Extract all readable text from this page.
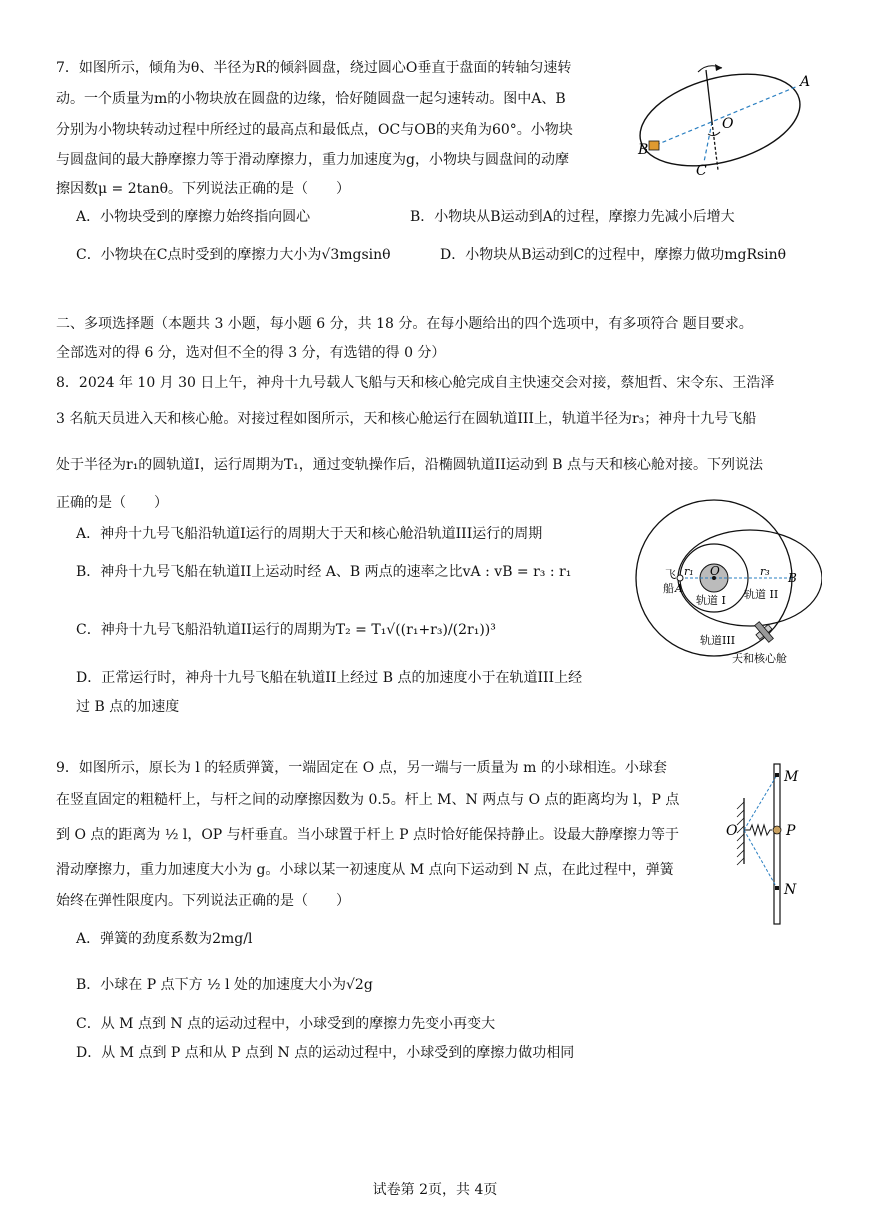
7．如图所示，倾角为θ、半径为R的倾斜圆盘，绕过圆心O垂直于盘面的转轴匀速转
动。一个质量为m的小物块放在圆盘的边缘，恰好随圆盘一起匀速转动。图中A、B
分别为小物块转动过程中所经过的最高点和最低点，OC与OB的夹角为60°。小物块
与圆盘间的最大静摩擦力等于滑动摩擦力，重力加速度为g，小物块与圆盘间的动摩
擦因数μ = 2tanθ。下列说法正确的是（　　）
A．小物块受到的摩擦力始终指向圆心	B．小物块从B运动到A的过程，摩擦力先减小后增大
C．小物块在C点时受到的摩擦力大小为√3mgsinθ	D．小物块从B运动到C的过程中，摩擦力做功mgRsinθ
A
B
C
O
二、多项选择题（本题共 3 小题，每小题 6 分，共 18 分。在每小题给出的四个选项中，有多项符合 题目要求。
全部选对的得 6 分，选对但不全的得 3 分，有选错的得 0 分）
8．2024 年 10 月 30 日上午，神舟十九号载人飞船与天和核心舱完成自主快速交会对接，蔡旭哲、宋令东、王浩泽
3 名航天员进入天和核心舱。对接过程如图所示，天和核心舱运行在圆轨道III上，轨道半径为r₃；神舟十九号飞船
处于半径为r₁的圆轨道I，运行周期为T₁，通过变轨操作后，沿椭圆轨道II运动到 B 点与天和核心舱对接。下列说法
正确的是（　　）
A．神舟十九号飞船沿轨道I运行的周期大于天和核心舱沿轨道III运行的周期
B．神舟十九号飞船在轨道II上运动时经 A、B 两点的速率之比vA : vB = r₃ : r₁
C．神舟十九号飞船沿轨道II运行的周期为T₂ = T₁√((r₁+r₃)/(2r₁))³
D．正常运行时，神舟十九号飞船在轨道II上经过 B 点的加速度小于在轨道III上经
过 B 点的加速度
O
r₁	r₃ B
飞
船 A
轨道 I 轨道 II
轨道III
天和核心舱
9．如图所示，原长为 l 的轻质弹簧，一端固定在 O 点，另一端与一质量为 m 的小球相连。小球套
在竖直固定的粗糙杆上，与杆之间的动摩擦因数为 0.5。杆上 M、N 两点与 O 点的距离均为 l，P 点
到 O 点的距离为 ½ l，OP 与杆垂直。当小球置于杆上 P 点时恰好能保持静止。设最大静摩擦力等于
滑动摩擦力，重力加速度大小为 g。小球以某一初速度从 M 点向下运动到 N 点，在此过程中，弹簧
始终在弹性限度内。下列说法正确的是（　　）
A．弹簧的劲度系数为2mg/l
B．小球在 P 点下方 ½ l 处的加速度大小为√2g
C．从 M 点到 N 点的运动过程中，小球受到的摩擦力先变小再变大
D．从 M 点到 P 点和从 P 点到 N 点的运动过程中，小球受到的摩擦力做功相同
M
O	P
N
试卷第 2页，共 4页
